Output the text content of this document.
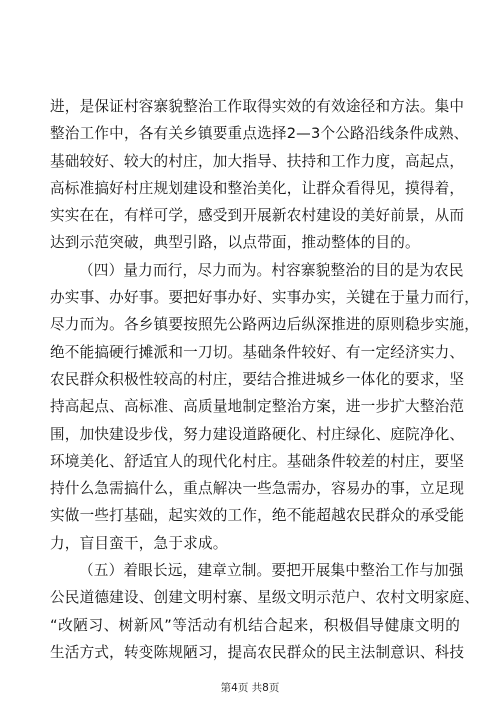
进，是保证村容寨貌整治工作取得实效的有效途径和方法。集中
整治工作中，各有关乡镇要重点选择2—3个公路沿线条件成熟、
基础较好、较大的村庄，加大指导、扶持和工作力度，高起点，
高标准搞好村庄规划建设和整治美化，让群众看得见，摸得着，
实实在在，有样可学，感受到开展新农村建设的美好前景，从而
达到示范突破，典型引路，以点带面，推动整体的目的。
（四）量力而行，尽力而为。村容寨貌整治的目的是为农民
办实事、办好事。要把好事办好、实事办实，关键在于量力而行，
尽力而为。各乡镇要按照先公路两边后纵深推进的原则稳步实施，
绝不能搞硬行摊派和一刀切。基础条件较好、有一定经济实力、
农民群众积极性较高的村庄，要结合推进城乡一体化的要求，坚
持高起点、高标准、高质量地制定整治方案，进一步扩大整治范
围，加快建设步伐，努力建设道路硬化、村庄绿化、庭院净化、
环境美化、舒适宜人的现代化村庄。基础条件较差的村庄，要坚
持什么急需搞什么，重点解决一些急需办，容易办的事，立足现
实做一些打基础，起实效的工作，绝不能超越农民群众的承受能
力，盲目蛮干，急于求成。
（五）着眼长远，建章立制。要把开展集中整治工作与加强
公民道德建设、创建文明村寨、星级文明示范户、农村文明家庭、
“改陋习、树新风”等活动有机结合起来，积极倡导健康文明的
生活方式，转变陈规陋习，提高农民群众的民主法制意识、科技
第4页 共8页
